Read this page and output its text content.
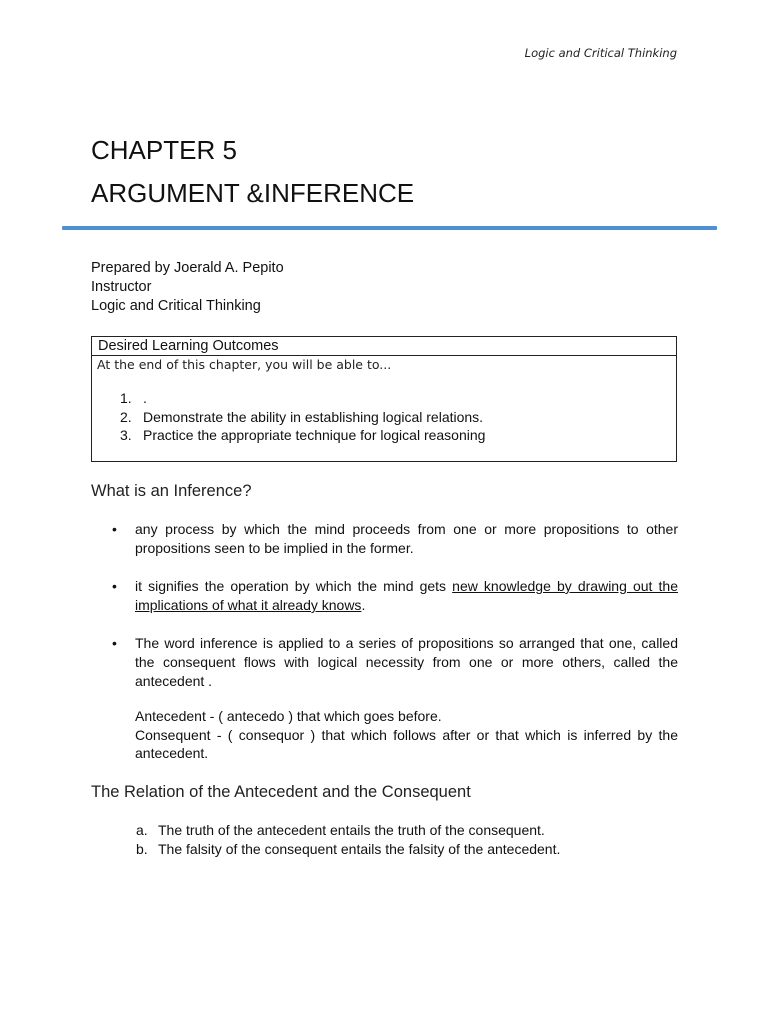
Logic and Critical Thinking
CHAPTER 5
ARGUMENT &INFERENCE
Prepared by Joerald A. Pepito
Instructor
Logic and Critical Thinking
Desired Learning Outcomes
At the end of this chapter, you will be able to...
1. .
2. Demonstrate the ability in establishing logical relations.
3. Practice the appropriate technique for logical reasoning
What is an Inference?
• any process by which the mind proceeds from one or more propositions to other propositions seen to be implied in the former.
• it signifies the operation by which the mind gets new knowledge by drawing out the implications of what it already knows.
• The word inference is applied to a series of propositions so arranged that one, called the consequent flows with logical necessity from one or more others, called the antecedent .
Antecedent - ( antecedo ) that which goes before.
Consequent - ( consequor ) that which follows after or that which is inferred by the antecedent.
The Relation of the Antecedent and the Consequent
a. The truth of the antecedent entails the truth of the consequent.
b. The falsity of the consequent entails the falsity of the antecedent.
